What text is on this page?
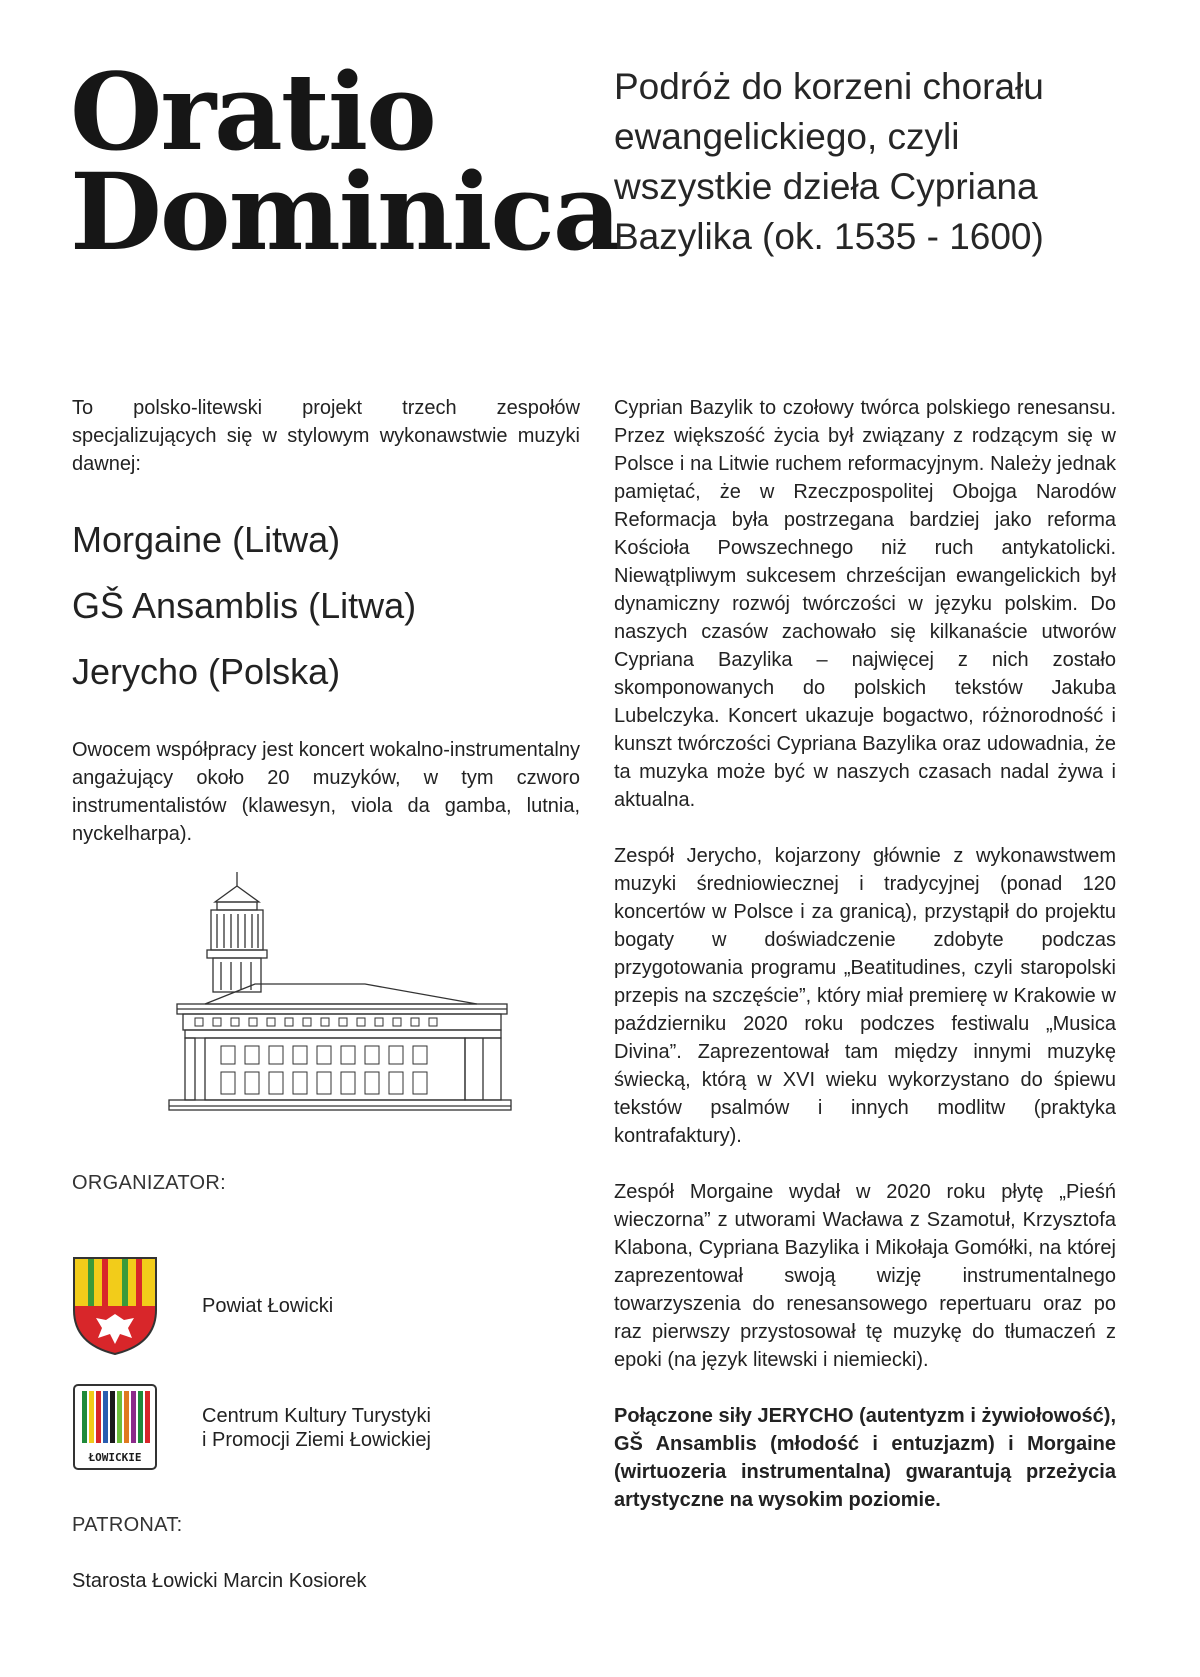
Oratio
Dominica
Podróż do korzeni chorału ewangelickiego, czyli wszystkie dzieła Cypriana Bazylika (ok. 1535 - 1600)

To polsko-litewski projekt trzech zespołów specjalizujących się w stylowym wykonawstwie muzyki dawnej:

Morgaine (Litwa)
GŠ Ansamblis (Litwa)
Jerycho (Polska)

Owocem współpracy jest koncert wokalno-instrumentalny angażujący około 20 muzyków, w tym czworo instrumentalistów (klawesyn, viola da gamba, lutnia, nyckelharpa).

ORGANIZATOR:
Powiat Łowicki
ŁOWICKIE
Centrum Kultury Turystyki
i Promocji Ziemi Łowickiej
PATRONAT:
Starosta Łowicki Marcin Kosiorek

Cyprian Bazylik to czołowy twórca polskiego renesansu. Przez większość życia był związany z rodzącym się w Polsce i na Litwie ruchem reformacyjnym. Należy jednak pamiętać, że w Rzeczpospolitej Obojga Narodów Reformacja była postrzegana bardziej jako reforma Kościoła Powszechnego niż ruch antykatolicki. Niewątpliwym sukcesem chrześcijan ewangelickich był dynamiczny rozwój twórczości w języku polskim. Do naszych czasów zachowało się kilkanaście utworów Cypriana Bazylika – najwięcej z nich zostało skomponowanych do polskich tekstów Jakuba Lubelczyka. Koncert ukazuje bogactwo, różnorodność i kunszt twórczości Cypriana Bazylika oraz udowadnia, że ta muzyka może być w naszych czasach nadal żywa i aktualna.

Zespół Jerycho, kojarzony głównie z wykonawstwem muzyki średniowiecznej i tradycyjnej (ponad 120 koncertów w Polsce i za granicą), przystąpił do projektu bogaty w doświadczenie zdobyte podczas przygotowania programu „Beatitudines, czyli staropolski przepis na szczęście”, który miał premierę w Krakowie w październiku 2020 roku podczes festiwalu „Musica Divina”. Zaprezentował tam między innymi muzykę świecką, którą w XVI wieku wykorzystano do śpiewu tekstów psalmów i innych modlitw (praktyka kontrafaktury).

Zespół Morgaine wydał w 2020 roku płytę „Pieśń wieczorna” z utworami Wacława z Szamotuł, Krzysztofa Klabona, Cypriana Bazylika i Mikołaja Gomółki, na której zaprezentował swoją wizję instrumentalnego towarzyszenia do renesansowego repertuaru oraz po raz pierwszy przystosował tę muzykę do tłumaczeń z epoki (na język litewski i niemiecki).

Połączone siły JERYCHO (autentyzm i żywiołowość), GŠ Ansamblis (młodość i entuzjazm) i Morgaine (wirtuozeria instrumentalna) gwarantują przeżycia artystyczne na wysokim poziomie.
